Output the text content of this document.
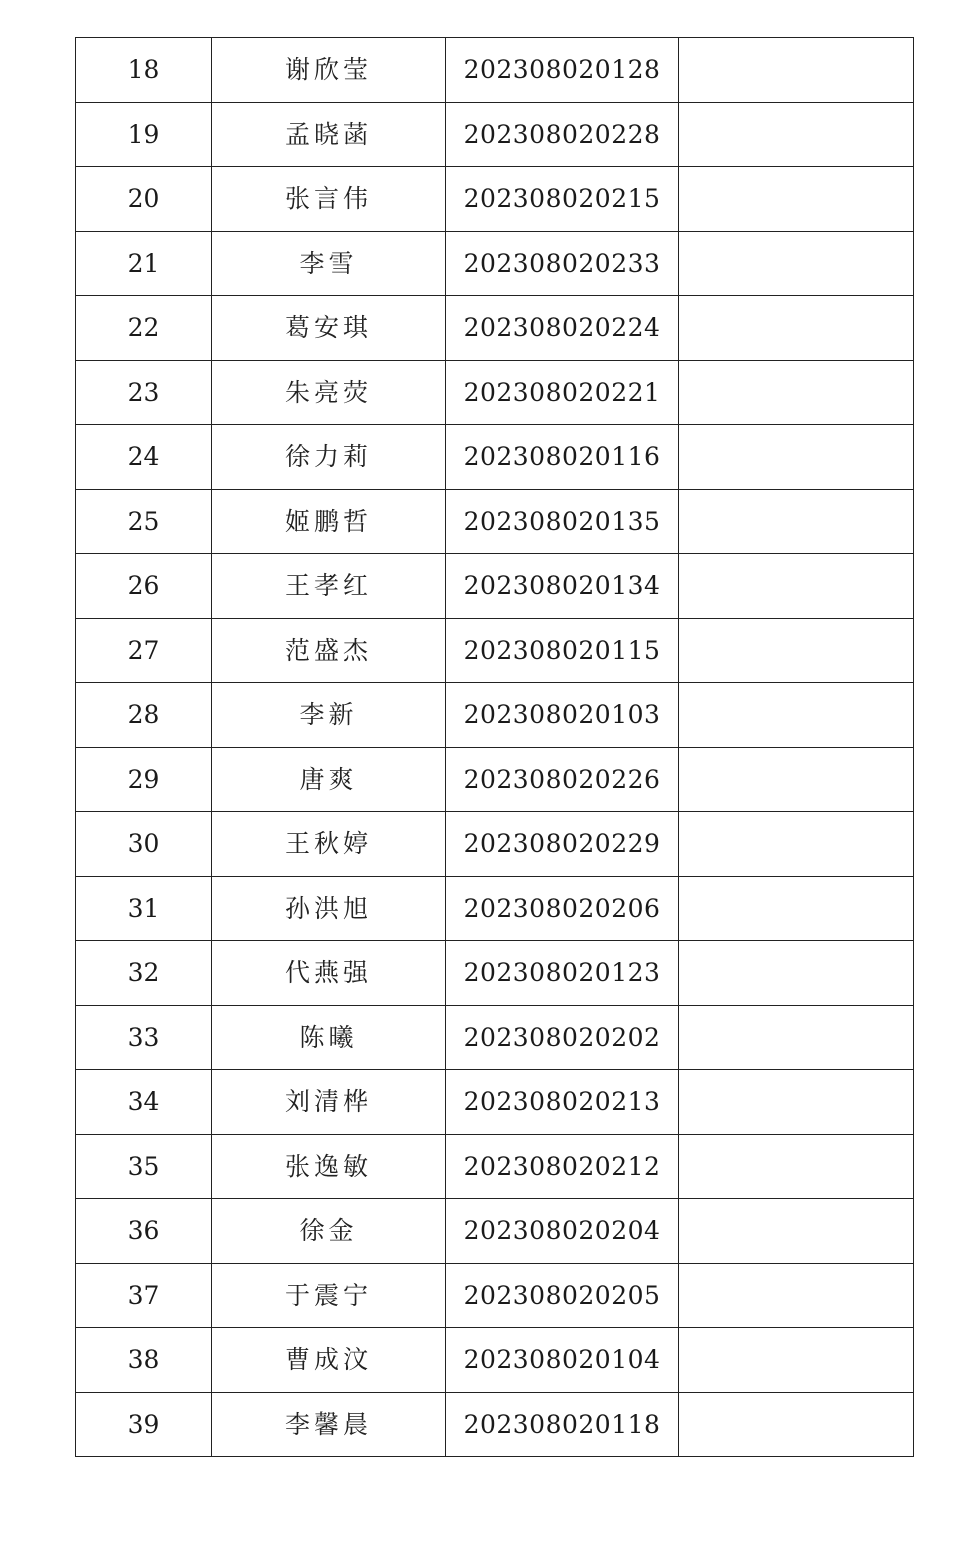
18	谢欣莹	202308020128	
19	孟晓菡	202308020228	
20	张言伟	202308020215	
21	李雪	202308020233	
22	葛安琪	202308020224	
23	朱亮荧	202308020221	
24	徐力莉	202308020116	
25	姬鹏哲	202308020135	
26	王孝红	202308020134	
27	范盛杰	202308020115	
28	李新	202308020103	
29	唐爽	202308020226	
30	王秋婷	202308020229	
31	孙洪旭	202308020206	
32	代燕强	202308020123	
33	陈曦	202308020202	
34	刘清桦	202308020213	
35	张逸敏	202308020212	
36	徐金	202308020204	
37	于震宁	202308020205	
38	曹成汶	202308020104	
39	李馨晨	202308020118	
